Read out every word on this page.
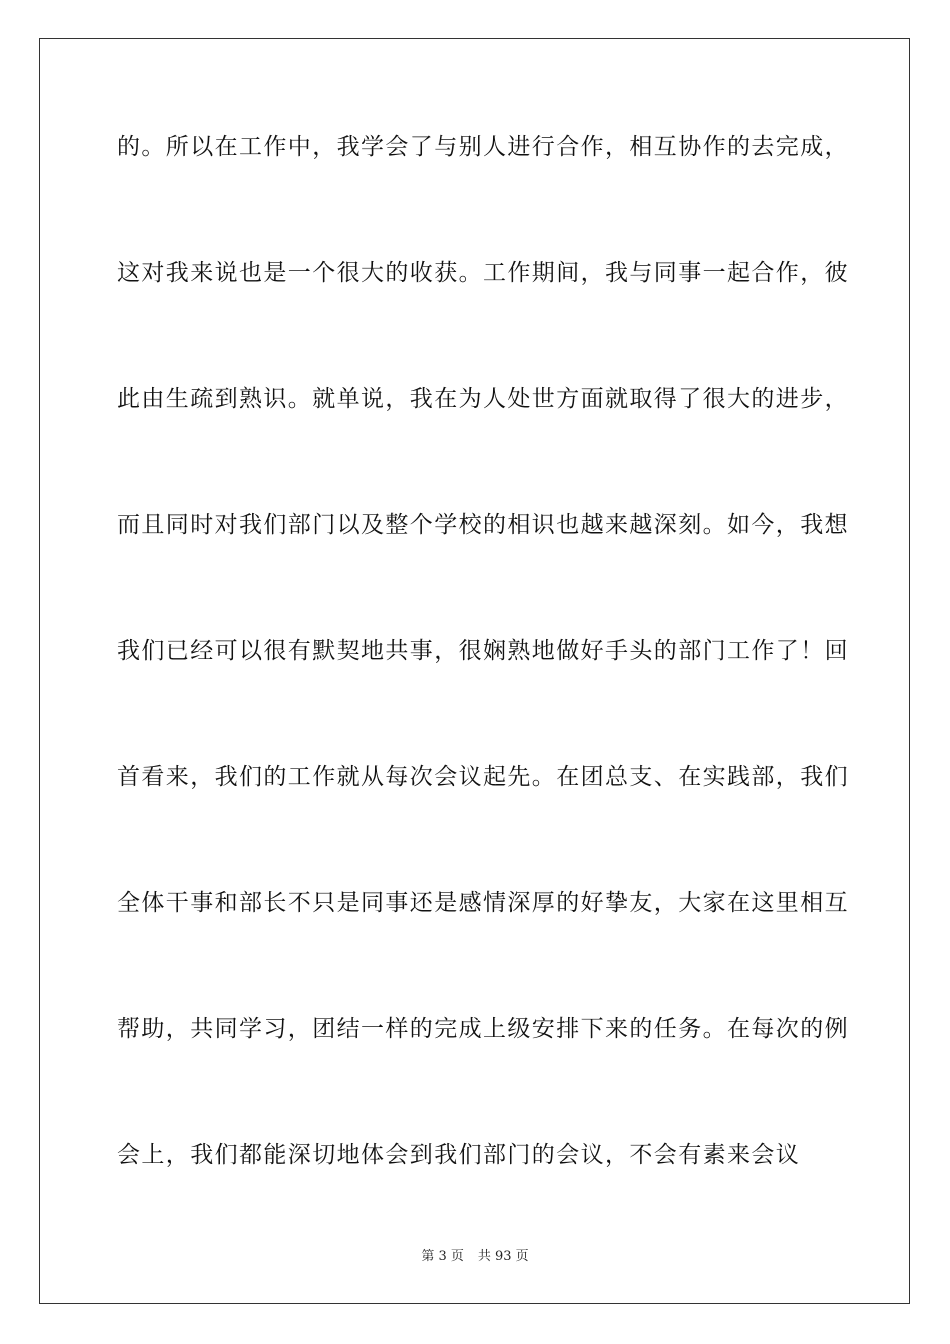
的。所以在工作中，我学会了与别人进行合作，相互协作的去完成，
这对我来说也是一个很大的收获。工作期间，我与同事一起合作，彼
此由生疏到熟识。就单说，我在为人处世方面就取得了很大的进步，
而且同时对我们部门以及整个学校的相识也越来越深刻。如今，我想
我们已经可以很有默契地共事，很娴熟地做好手头的部门工作了！回
首看来，我们的工作就从每次会议起先。在团总支、在实践部，我们
全体干事和部长不只是同事还是感情深厚的好挚友，大家在这里相互
帮助，共同学习，团结一样的完成上级安排下来的任务。在每次的例
会上，我们都能深切地体会到我们部门的会议，不会有素来会议
第 3 页 共 93 页
